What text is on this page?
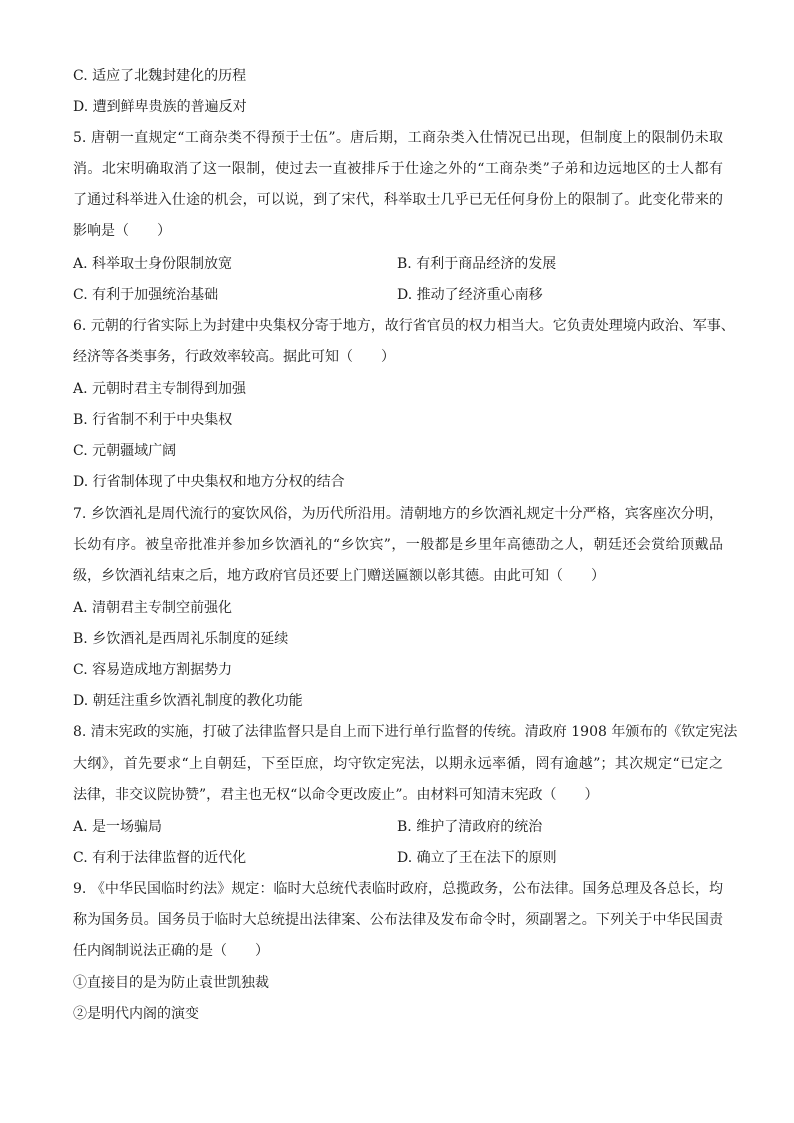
C. 适应了北魏封建化的历程
D. 遭到鲜卑贵族的普遍反对
5. 唐朝一直规定“工商杂类不得预于士伍”。唐后期，工商杂类入仕情况已出现，但制度上的限制仍未取
消。北宋明确取消了这一限制，使过去一直被排斥于仕途之外的“工商杂类”子弟和边远地区的士人都有
了通过科举进入仕途的机会，可以说，到了宋代，科举取士几乎已无任何身份上的限制了。此变化带来的
影响是（　　）
A. 科举取士身份限制放宽	B. 有利于商品经济的发展
C. 有利于加强统治基础	D. 推动了经济重心南移
6. 元朝的行省实际上为封建中央集权分寄于地方，故行省官员的权力相当大。它负责处理境内政治、军事、
经济等各类事务，行政效率较高。据此可知（　　）
A. 元朝时君主专制得到加强
B. 行省制不利于中央集权
C. 元朝疆域广阔
D. 行省制体现了中央集权和地方分权的结合
7. 乡饮酒礼是周代流行的宴饮风俗，为历代所沿用。清朝地方的乡饮酒礼规定十分严格，宾客座次分明，
长幼有序。被皇帝批准并参加乡饮酒礼的“乡饮宾”，一般都是乡里年高德劭之人，朝廷还会赏给顶戴品
级，乡饮酒礼结束之后，地方政府官员还要上门赠送匾额以彰其德。由此可知（　　）
A. 清朝君主专制空前强化
B. 乡饮酒礼是西周礼乐制度的延续
C. 容易造成地方割据势力
D. 朝廷注重乡饮酒礼制度的教化功能
8. 清末宪政的实施，打破了法律监督只是自上而下进行单行监督的传统。清政府 1908 年颁布的《钦定宪法
大纲》，首先要求“上自朝廷，下至臣庶，均守钦定宪法，以期永远率循，罔有逾越”；其次规定“已定之
法律，非交议院协赞”，君主也无权“以命令更改废止”。由材料可知清末宪政（　　）
A. 是一场骗局	B. 维护了清政府的统治
C. 有利于法律监督的近代化	D. 确立了王在法下的原则
9. 《中华民国临时约法》规定：临时大总统代表临时政府，总揽政务，公布法律。国务总理及各总长，均
称为国务员。国务员于临时大总统提出法律案、公布法律及发布命令时，须副署之。下列关于中华民国责
任内阁制说法正确的是（　　）
①直接目的是为防止袁世凯独裁
②是明代内阁的演变
